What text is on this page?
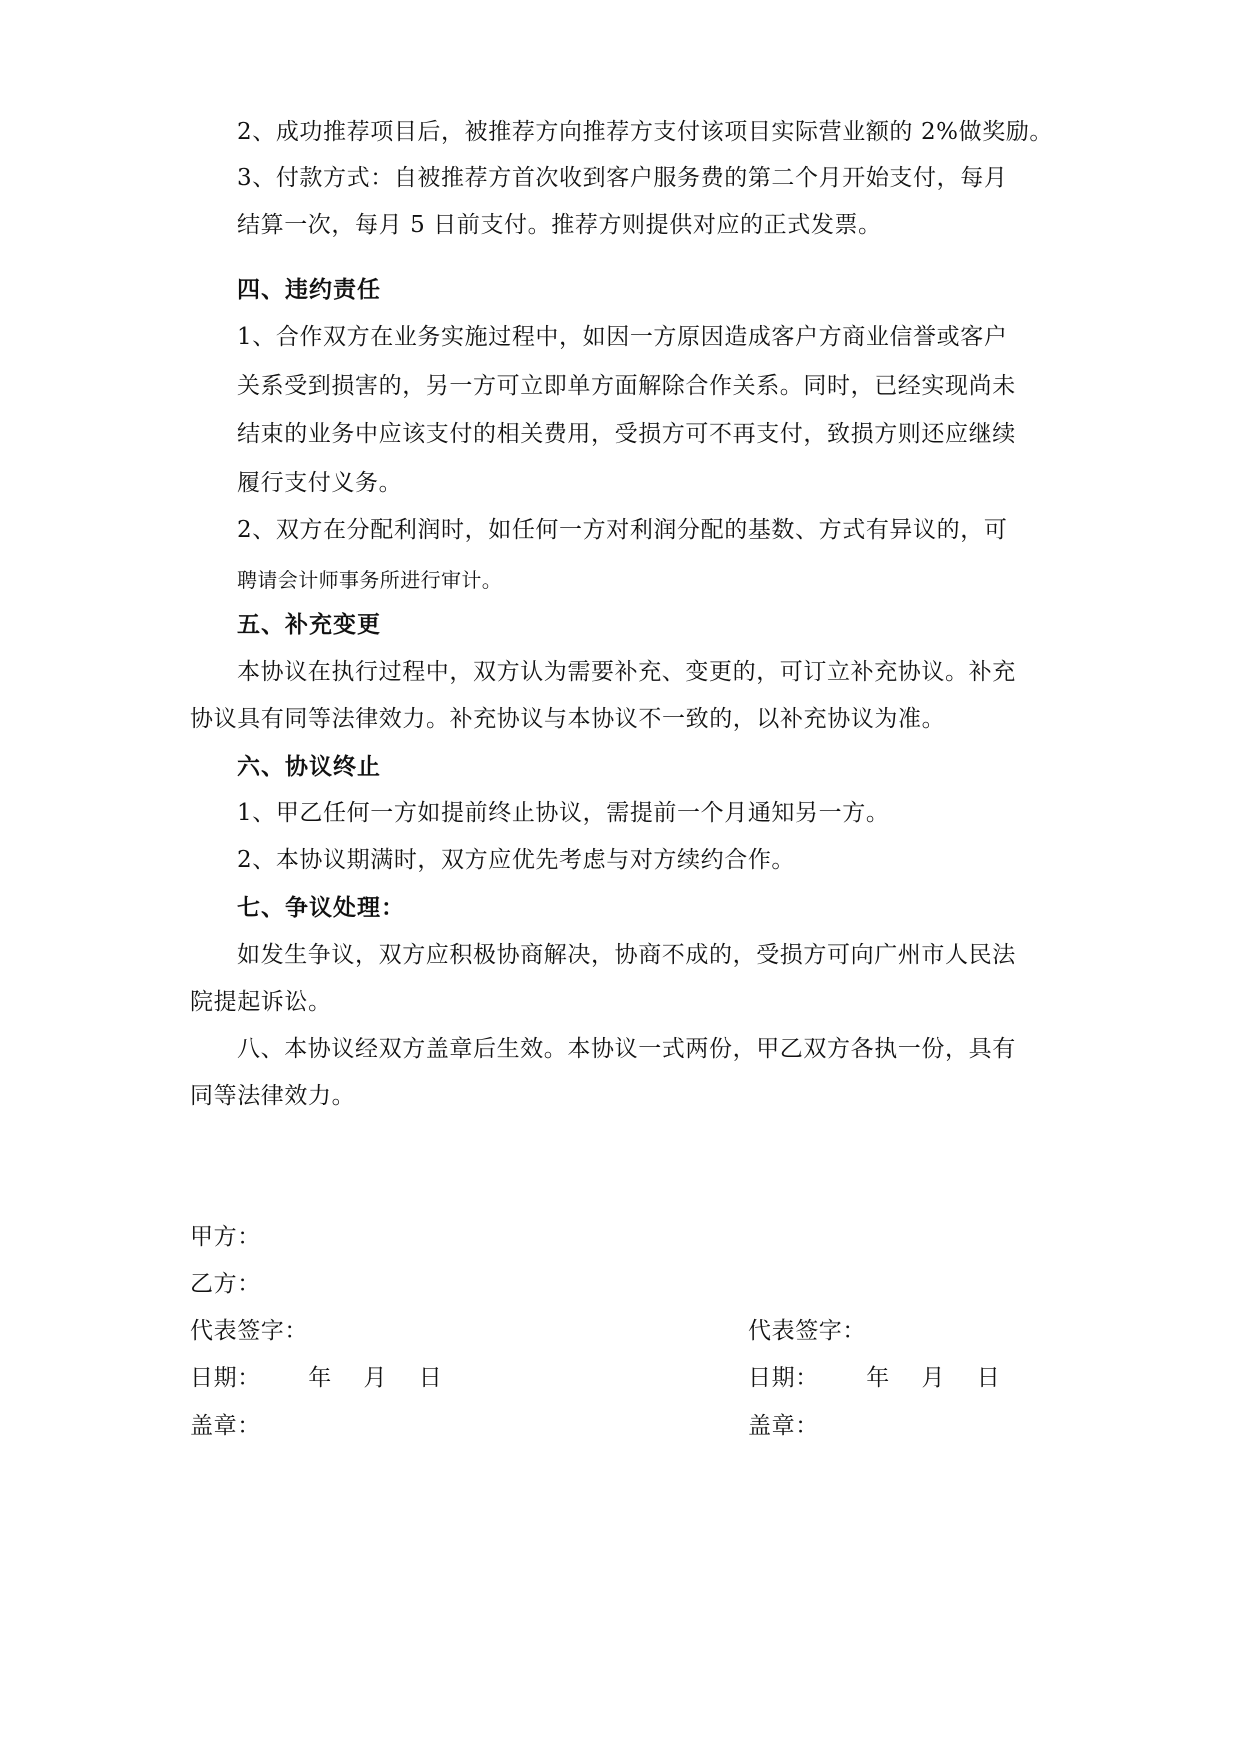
2、成功推荐项目后，被推荐方向推荐方支付该项目实际营业额的 2%做奖励。
3、付款方式：自被推荐方首次收到客户服务费的第二个月开始支付，每月
结算一次，每月 5 日前支付。推荐方则提供对应的正式发票。
四、违约责任
1、合作双方在业务实施过程中，如因一方原因造成客户方商业信誉或客户
关系受到损害的，另一方可立即单方面解除合作关系。同时，已经实现尚未
结束的业务中应该支付的相关费用，受损方可不再支付，致损方则还应继续
履行支付义务。
2、双方在分配利润时，如任何一方对利润分配的基数、方式有异议的，可
聘请会计师事务所进行审计。
五、补充变更
本协议在执行过程中，双方认为需要补充、变更的，可订立补充协议。补充
协议具有同等法律效力。补充协议与本协议不一致的，以补充协议为准。
六、协议终止
1、甲乙任何一方如提前终止协议，需提前一个月通知另一方。
2、本协议期满时，双方应优先考虑与对方续约合作。
七、争议处理：
如发生争议，双方应积极协商解决，协商不成的，受损方可向广州市人民法
院提起诉讼。
八、本协议经双方盖章后生效。本协议一式两份，甲乙双方各执一份，具有
同等法律效力。
甲方：
乙方：
代表签字：
日期：      年    月    日
盖章：
代表签字：
日期：      年    月    日
盖章：
